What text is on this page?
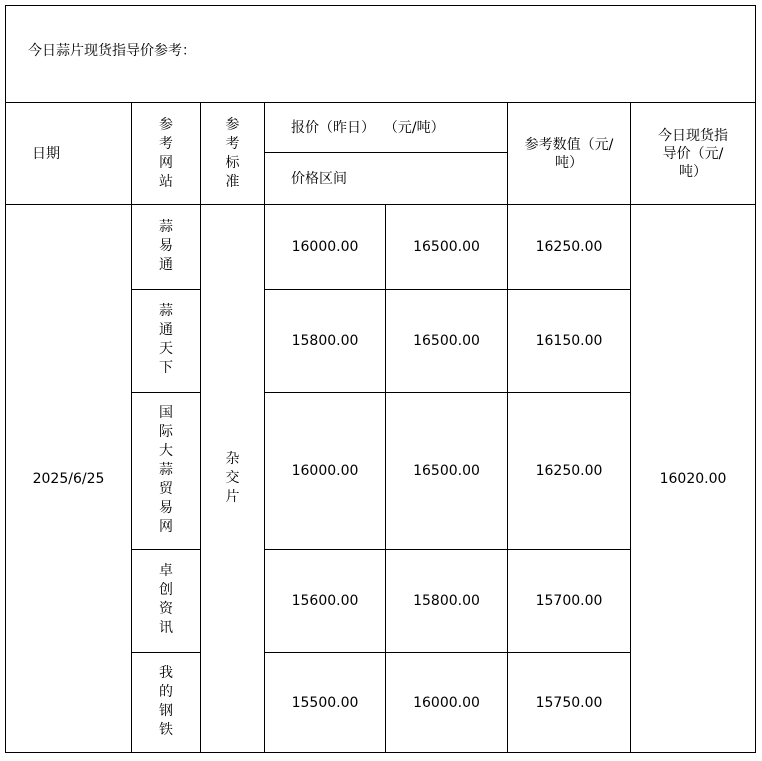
今日蒜片现货指导价参考：						

日期	参考网站	参考标准	报价（昨日）  （元/吨）		参考数值（元/吨）	今日现货指导价（元/吨）

			价格区间			
2025/6/25	蒜易通	杂交片	16000.00	16500.00	16250.00	16020.00

	蒜通天下		15800.00	16500.00	16150.00	

	国际大蒜贸易网		16000.00	16500.00	16250.00	

	卓创资讯		15600.00	15800.00	15700.00	

	我的钢铁		15500.00	16000.00	15750.00	
